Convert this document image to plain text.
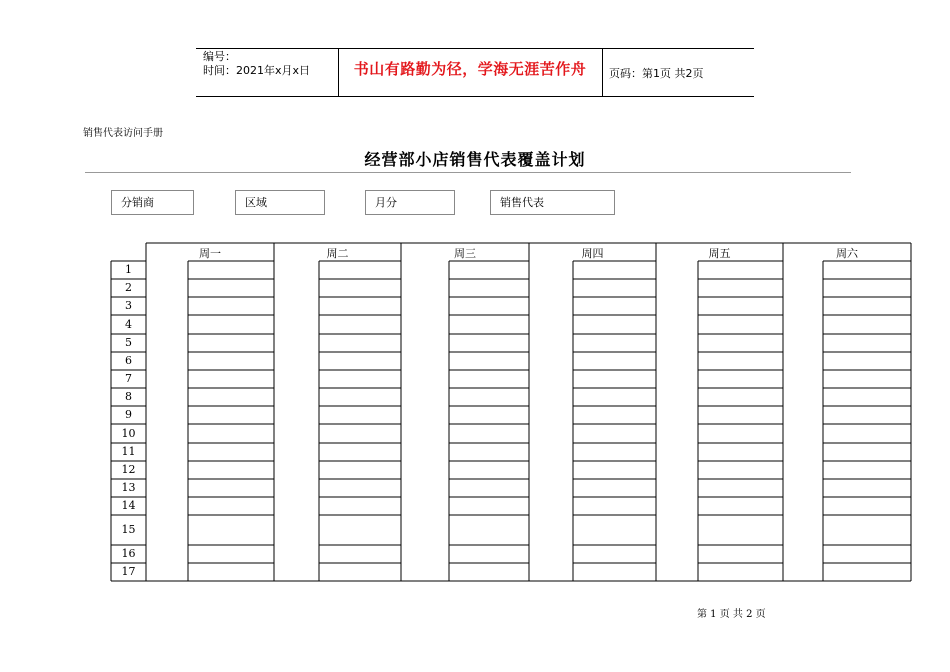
编号：
时间：2021年x月x日	书山有路勤为径，学海无涯苦作舟	页码：第1页 共2页
销售代表访问手册
经营部小店销售代表覆盖计划
分销商	区域	月分	销售代表
周一	周二	周三	周四	周五	周六
1
2
3
4
5
6
7
8
9
10
11
12
13
14
15
16
17
第 1 页 共 2 页
